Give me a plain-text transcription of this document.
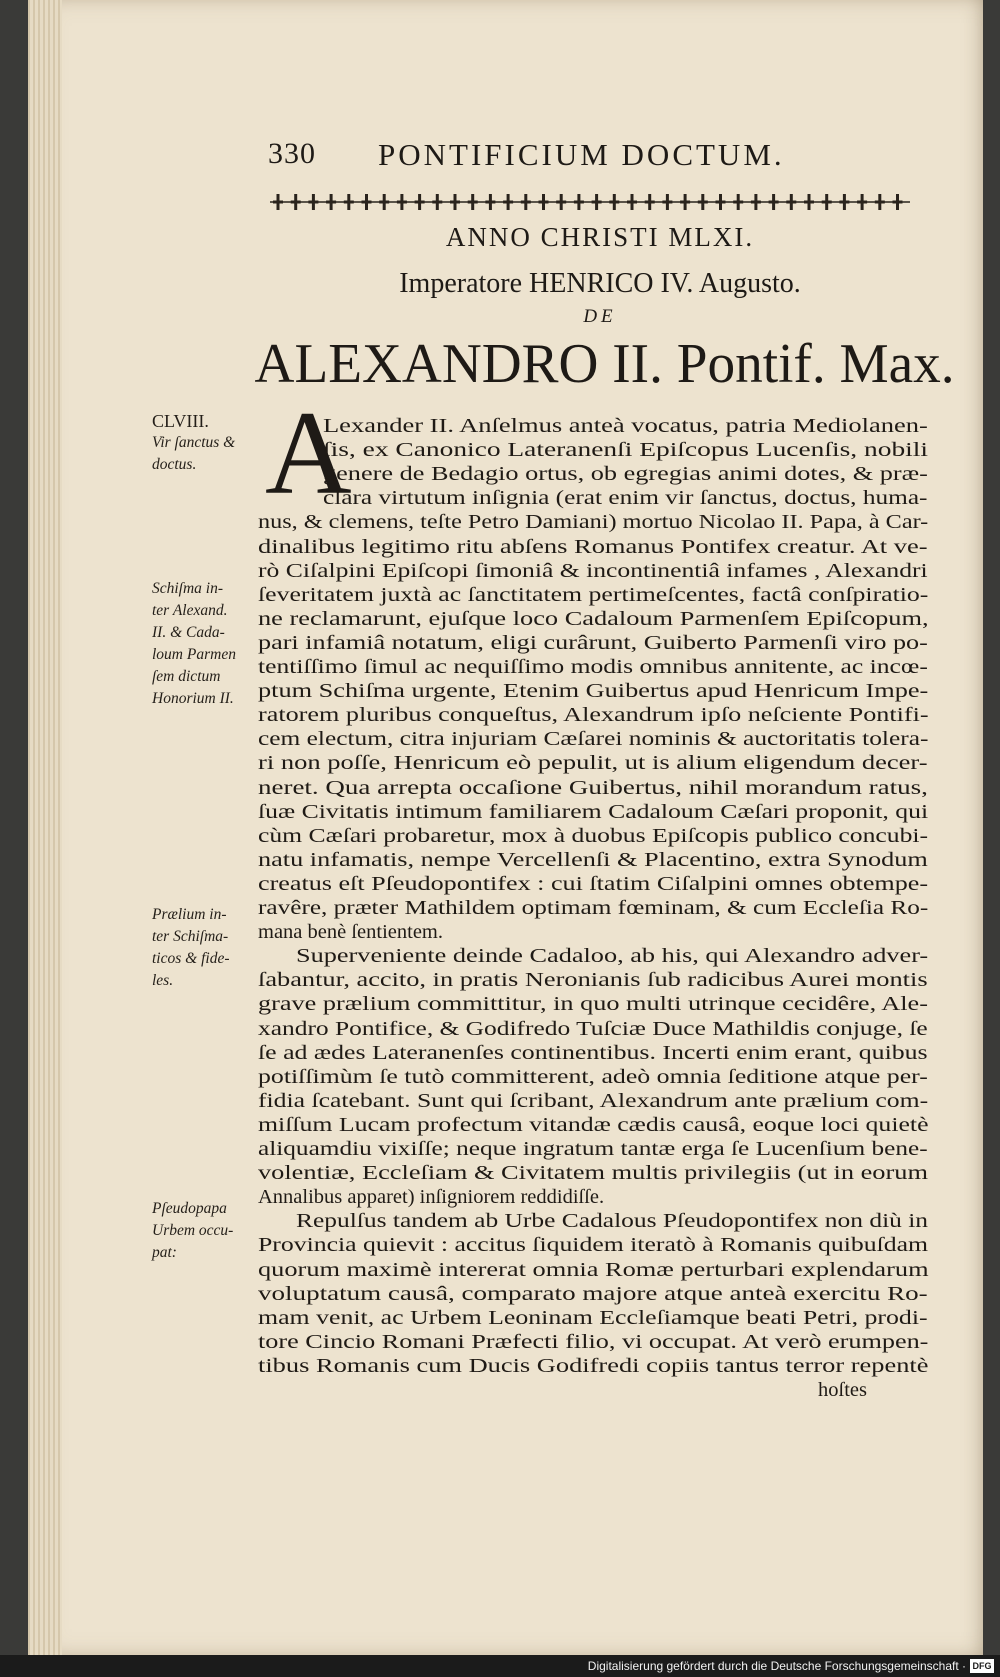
330 PONTIFICIUM DOCTUM.
ANNO CHRISTI MLXI.
Imperatore HENRICO IV. Augusto.
DE
ALEXANDRO II. Pontif. Max.
A
CLVIII.
Vir ſanctus &
doctus.
Schiſma in-
ter Alexand.
II. & Cada-
loum Parmen
ſem dictum
Honorium II.
Prælium in-
ter Schiſma-
ticos & fide-
les.
Pſeudopapa
Urbem occu-
pat:
Lexander II. Anſelmus anteà vocatus, patria Mediolanen-
ſis, ex Canonico Lateranenſi Epiſcopus Lucenſis, nobili
genere de Bedagio ortus, ob egregias animi dotes, & præ-
clara virtutum inſignia (erat enim vir ſanctus, doctus, huma-
nus, & clemens, teſte Petro Damiani) mortuo Nicolao II. Papa, à Car-
dinalibus legitimo ritu abſens Romanus Pontifex creatur. At ve-
rò Ciſalpini Epiſcopi ſimoniâ & incontinentiâ infames , Alexandri
ſeveritatem juxtà ac ſanctitatem pertimeſcentes, factâ conſpiratio-
ne reclamarunt, ejuſque loco Cadaloum Parmenſem Epiſcopum,
pari infamiâ notatum, eligi curârunt, Guiberto Parmenſi viro po-
tentiſſimo ſimul ac nequiſſimo modis omnibus annitente, ac incœ-
ptum Schiſma urgente, Etenim Guibertus apud Henricum Impe-
ratorem pluribus conqueſtus, Alexandrum ipſo neſciente Pontifi-
cem electum, citra injuriam Cæſarei nominis & auctoritatis tolera-
ri non poſſe, Henricum eò pepulit, ut is alium eligendum decer-
neret. Qua arrepta occaſione Guibertus, nihil morandum ratus,
ſuæ Civitatis intimum familiarem Cadaloum Cæſari proponit, qui
cùm Cæſari probaretur, mox à duobus Epiſcopis publico concubi-
natu infamatis, nempe Vercellenſi & Placentino, extra Synodum
creatus eſt Pſeudopontifex : cui ſtatim Ciſalpini omnes obtempe-
ravêre, præter Mathildem optimam fœminam, & cum Eccleſia Ro-
mana benè ſentientem.
Superveniente deinde Cadaloo, ab his, qui Alexandro adver-
ſabantur, accito, in pratis Neronianis ſub radicibus Aurei montis
grave prælium committitur, in quo multi utrinque cecidêre, Ale-
xandro Pontifice, & Godifredo Tuſciæ Duce Mathildis conjuge, ſe
ſe ad ædes Lateranenſes continentibus. Incerti enim erant, quibus
potiſſimùm ſe tutò committerent, adeò omnia ſeditione atque per-
fidia ſcatebant. Sunt qui ſcribant, Alexandrum ante prælium com-
miſſum Lucam profectum vitandæ cædis causâ, eoque loci quietè
aliquamdiu vixiſſe; neque ingratum tantæ erga ſe Lucenſium bene-
volentiæ, Eccleſiam & Civitatem multis privilegiis (ut in eorum
Annalibus apparet) inſigniorem reddidiſſe.
Repulſus tandem ab Urbe Cadalous Pſeudopontifex non diù in
Provincia quievit : accitus ſiquidem iteratò à Romanis quibuſdam
quorum maximè intererat omnia Romæ perturbari explendarum
voluptatum causâ, comparato majore atque anteà exercitu Ro-
mam venit, ac Urbem Leoninam Eccleſiamque beati Petri, prodi-
tore Cincio Romani Præfecti filio, vi occupat. At verò erumpen-
tibus Romanis cum Ducis Godifredi copiis tantus terror repentè
hoſtes
Digitalisierung gefördert durch die Deutsche Forschungsgemeinschaft · DFG
